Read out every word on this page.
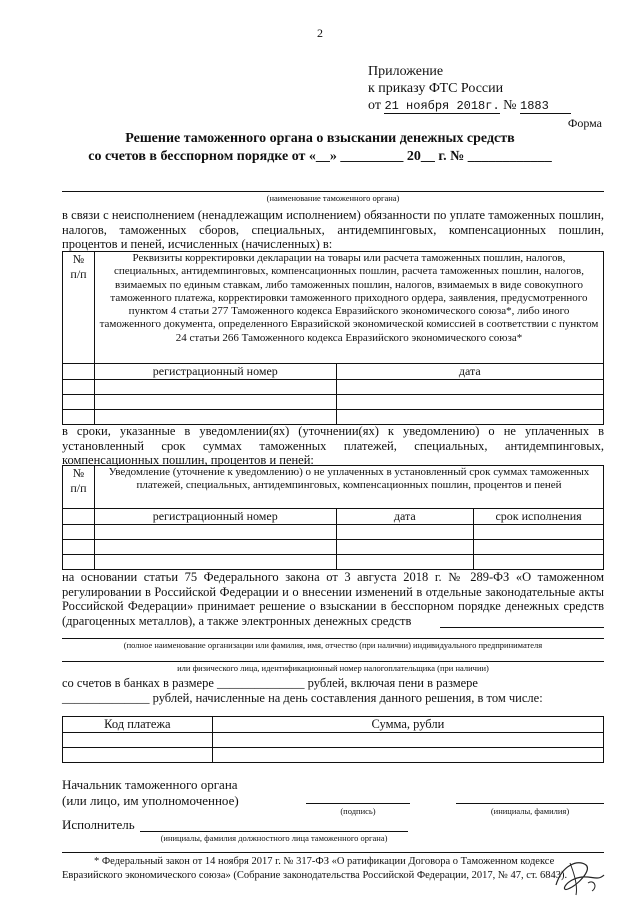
2
Приложение
к приказу ФТС России
от 21 ноября 2018г. № 1883
Форма
Решение таможенного органа о взыскании денежных средств
со счетов в бесспорном порядке от «__» _________ 20__ г. № ____________
(наименование таможенного органа)
в связи с неисполнением (ненадлежащим исполнением) обязанности по уплате таможенных пошлин, налогов, таможенных сборов, специальных, антидемпинговых, компенсационных пошлин, процентов и пеней, исчисленных (начисленных) в:
№ п/п	Реквизиты корректировки декларации на товары или расчета таможенных пошлин, налогов, специальных, антидемпинговых, компенсационных пошлин, расчета таможенных пошлин, налогов, взимаемых по единым ставкам, либо таможенных пошлин, налогов, взимаемых в виде совокупного таможенного платежа, корректировки таможенного приходного ордера, заявления, предусмотренного пунктом 4 статьи 277 Таможенного кодекса Евразийского экономического союза*, либо иного таможенного документа, определенного Евразийской экономической комиссией в соответствии с пунктом 24 статьи 266 Таможенного кодекса Евразийского экономического союза*	
	регистрационный номер	дата

в сроки, указанные в уведомлении(ях) (уточнении(ях) к уведомлению) о не уплаченных в установленный срок суммах таможенных платежей, специальных, антидемпинговых, компенсационных пошлин, процентов и пеней:
№ п/п	Уведомление (уточнение к уведомлению) о не уплаченных в установленный срок суммах таможенных платежей, специальных, антидемпинговых, компенсационных пошлин, процентов и пеней		
	регистрационный номер	дата	срок исполнения

на основании статьи 75 Федерального закона от 3 августа 2018 г. № 289-ФЗ «О таможенном регулировании в Российской Федерации и о внесении изменений в отдельные законодательные акты Российской Федерации» принимает решение о взыскании в бесспорном порядке денежных средств (драгоценных металлов), а также электронных денежных средств
(полное наименование организации или фамилия, имя, отчество (при наличии) индивидуального предпринимателя
или физического лица, идентификационный номер налогоплательщика (при наличии)
со счетов в банках в размере ______________ рублей, включая пени в размере
______________ рублей, начисленные на день составления данного решения, в том числе:
Код платежа	Сумма, рубли

Начальник таможенного органа
(или лицо, им уполномоченное)
(подпись)	(инициалы, фамилия)
Исполнитель
(инициалы, фамилия должностного лица таможенного органа)
* Федеральный закон от 14 ноября 2017 г. № 317-ФЗ «О ратификации Договора о Таможенном кодексе Евразийского экономического союза» (Собрание законодательства Российской Федерации, 2017, № 47, ст. 6843).
